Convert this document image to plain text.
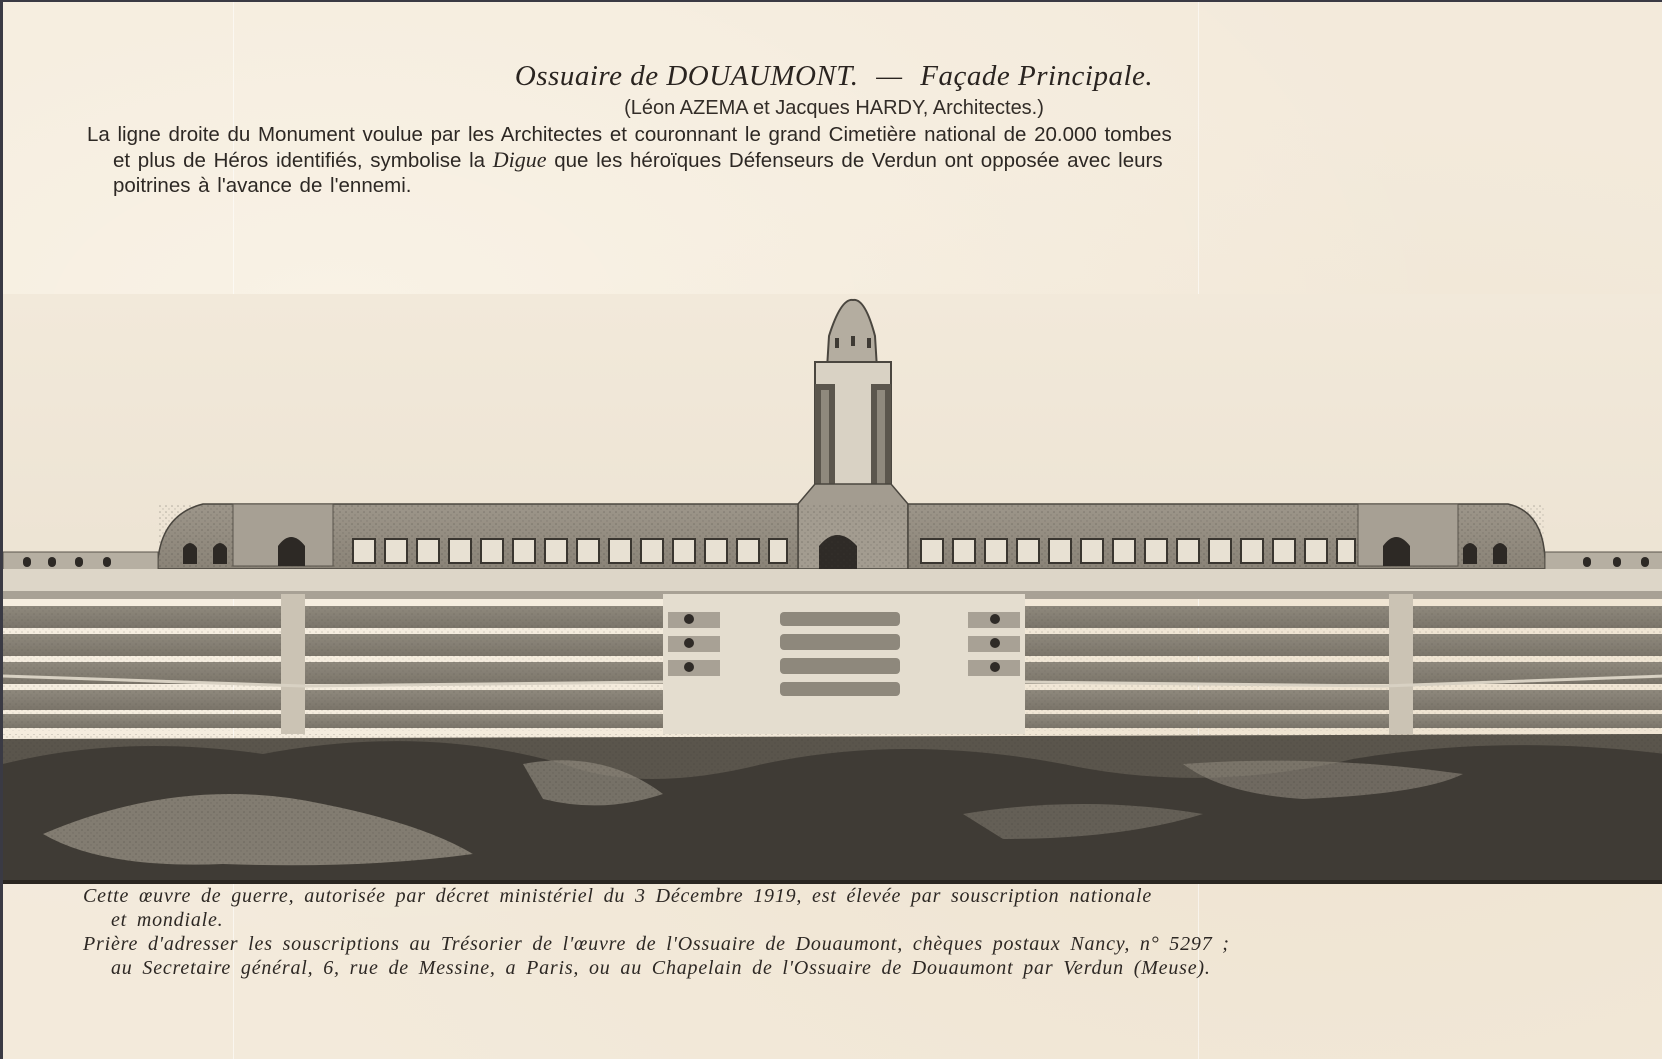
Ossuaire de DOUAUMONT. — Façade Principale.
(Léon AZEMA et Jacques HARDY, Architectes.)
La ligne droite du Monument voulue par les Architectes et couronnant le grand Cimetière national de 20.000 tombes
et plus de Héros identifiés, symbolise la Digue que les héroïques Défenseurs de Verdun ont opposée avec leurs
poitrines à l'avance de l'ennemi.
Cette œuvre de guerre, autorisée par décret ministériel du 3 Décembre 1919, est élevée par souscription nationale
et mondiale.
Prière d'adresser les souscriptions au Trésorier de l'œuvre de l'Ossuaire de Douaumont, chèques postaux Nancy, n° 5297 ;
au Secretaire général, 6, rue de Messine, a Paris, ou au Chapelain de l'Ossuaire de Douaumont par Verdun (Meuse).
